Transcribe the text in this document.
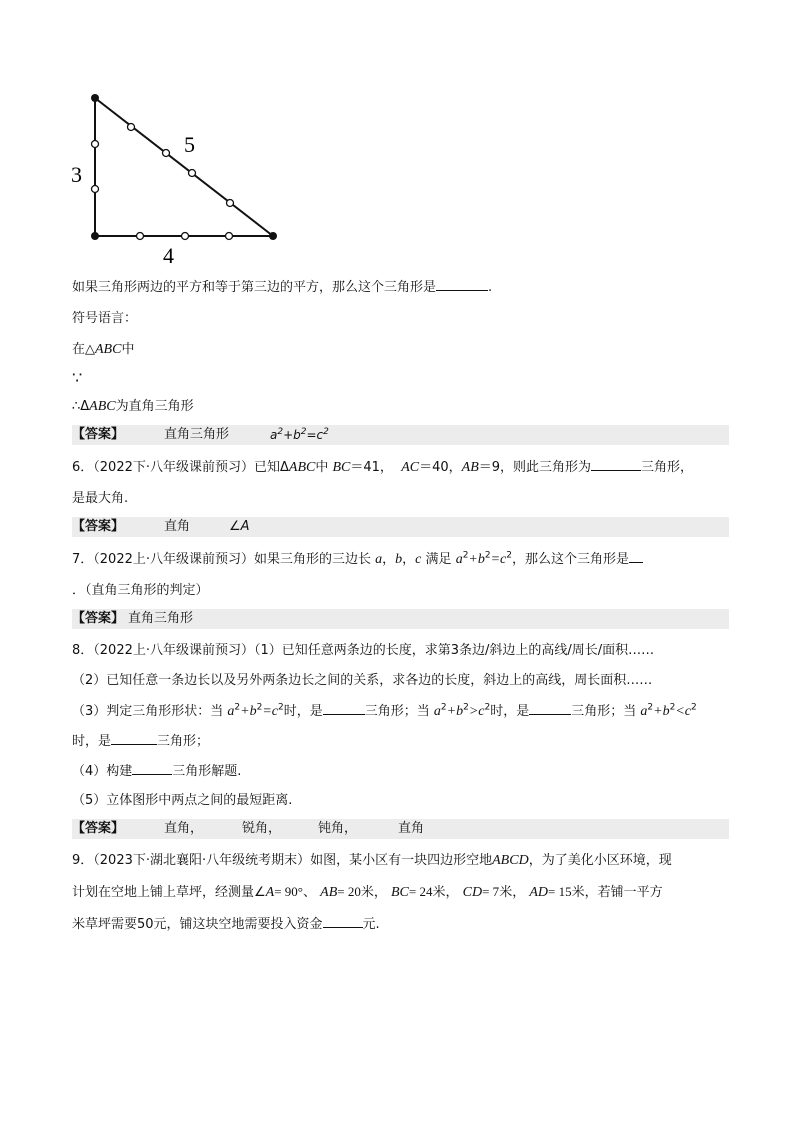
3
5
4
如果三角形两边的平方和等于第三边的平方，那么这个三角形是	.
符号语言：
在△ABC中
∵
∴ΔABC为直角三角形
【答案】	直角三角形	$a^2+b^2=c^2$
6．（2022下·八年级课前预习）已知ΔABC中 BC＝41， AC＝40，AB＝9，则此三角形为	三角形，
是最大角.
【答案】	直角	∠A
7．（2022上·八年级课前预习）如果三角形的三边长 a，b，c 满足 $a^2+b^2=c^2$，那么这个三角形是
．（直角三角形的判定）
【答案】 直角三角形
8．（2022上·八年级课前预习）（1）已知任意两条边的长度，求第3条边/斜边上的高线/周长/面积……
（2）已知任意一条边长以及另外两条边长之间的关系，求各边的长度，斜边上的高线，周长面积……
（3）判定三角形形状：当 $a^2+b^2=c^2$时，是	三角形；当 $a^2+b^2>c^2$时，是	三角形；当 $a^2+b^2<c^2$
时，是	三角形；
（4）构建	三角形解题.
（5）立体图形中两点之间的最短距离.
【答案】	直角，	锐角，	钝角，	直角
9．（2023下·湖北襄阳·八年级统考期末）如图，某小区有一块四边形空地ABCD，为了美化小区环境，现
计划在空地上铺上草坪，经测量∠A= 90°、 AB= 20米， BC= 24米， CD= 7米， AD= 15米，若铺一平方
米草坪需要50元，铺这块空地需要投入资金	元.
